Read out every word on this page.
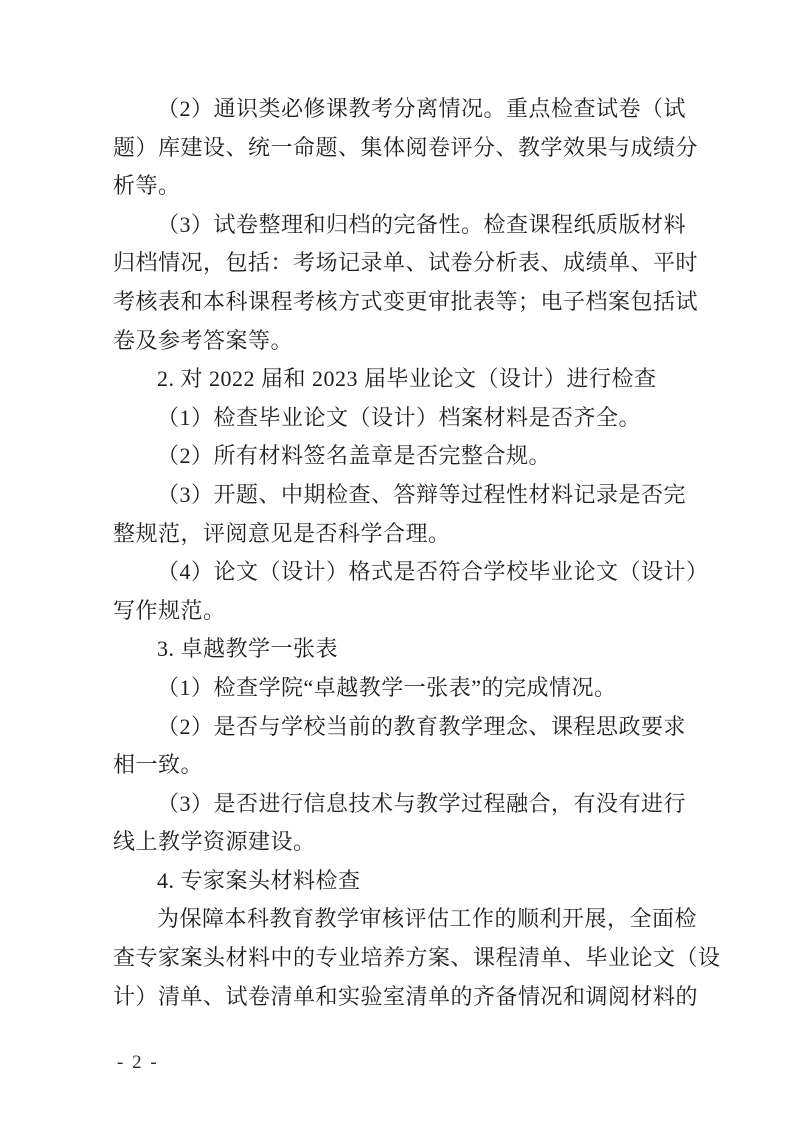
（2）通识类必修课教考分离情况。重点检查试卷（试
题）库建设、统一命题、集体阅卷评分、教学效果与成绩分
析等。

（3）试卷整理和归档的完备性。检查课程纸质版材料
归档情况，包括：考场记录单、试卷分析表、成绩单、平时
考核表和本科课程考核方式变更审批表等；电子档案包括试
卷及参考答案等。

2. 对 2022 届和 2023 届毕业论文（设计）进行检查

（1）检查毕业论文（设计）档案材料是否齐全。

（2）所有材料签名盖章是否完整合规。

（3）开题、中期检查、答辩等过程性材料记录是否完
整规范，评阅意见是否科学合理。

（4）论文（设计）格式是否符合学校毕业论文（设计）
写作规范。

3. 卓越教学一张表

（1）检查学院“卓越教学一张表”的完成情况。

（2）是否与学校当前的教育教学理念、课程思政要求
相一致。

（3）是否进行信息技术与教学过程融合，有没有进行
线上教学资源建设。

4. 专家案头材料检查

为保障本科教育教学审核评估工作的顺利开展，全面检
查专家案头材料中的专业培养方案、课程清单、毕业论文（设
计）清单、试卷清单和实验室清单的齐备情况和调阅材料的

- 2 -
